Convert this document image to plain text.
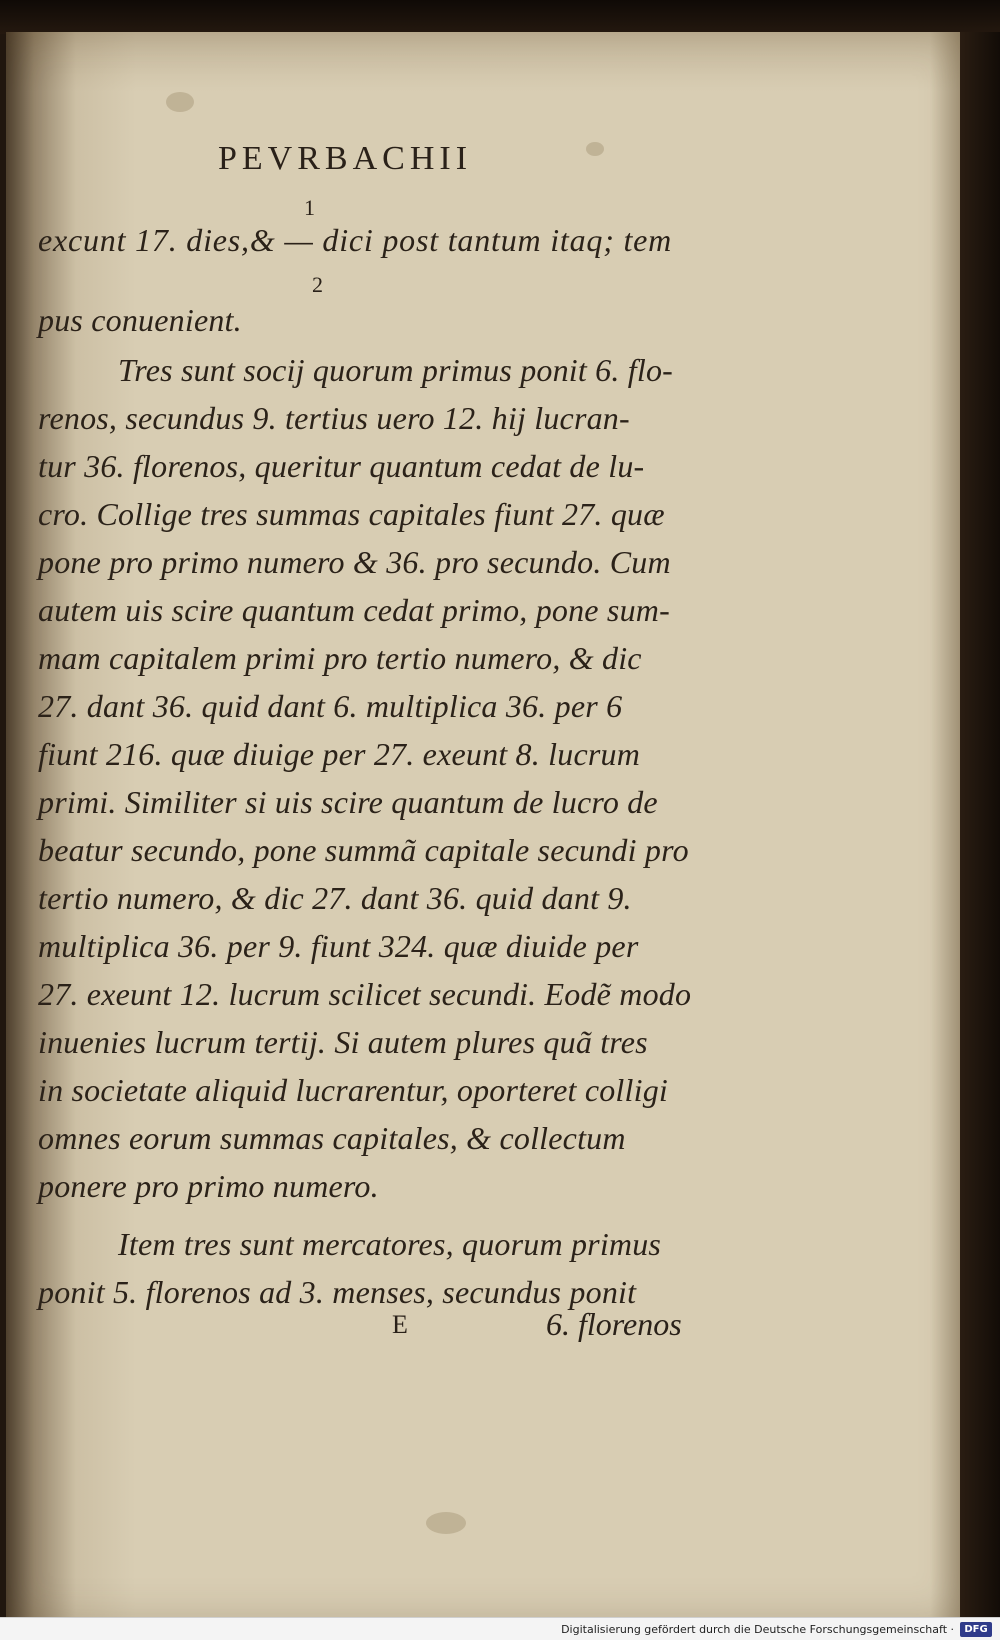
PEVRBACHII
1
2
excunt 17. dies,& — dici post tantum itaq; tem
pus conuenient.
Tres sunt socij quorum primus ponit 6. flo-
renos, secundus 9. tertius uero 12. hij lucran-
tur 36. florenos, queritur quantum cedat de lu-
cro. Collige tres summas capitales fiunt 27. quæ
pone pro primo numero & 36. pro secundo. Cum
autem uis scire quantum cedat primo, pone sum-
mam capitalem primi pro tertio numero, & dic
27. dant 36. quid dant 6. multiplica 36. per 6
fiunt 216. quæ diuige per 27. exeunt 8. lucrum
primi. Similiter si uis scire quantum de lucro de
beatur secundo, pone summã capitale secundi pro
tertio numero, & dic 27. dant 36. quid dant 9.
multiplica 36. per 9. fiunt 324. quæ diuide per
27. exeunt 12. lucrum scilicet secundi. Eodẽ modo
inuenies lucrum tertij. Si autem plures quã tres
in societate aliquid lucrarentur, oporteret colligi
omnes eorum summas capitales, & collectum
ponere pro primo numero.
Item tres sunt mercatores, quorum primus
ponit 5. florenos ad 3. menses, secundus ponit
E	6. florenos
Digitalisierung gefördert durch die Deutsche Forschungsgemeinschaft ·	DFG
